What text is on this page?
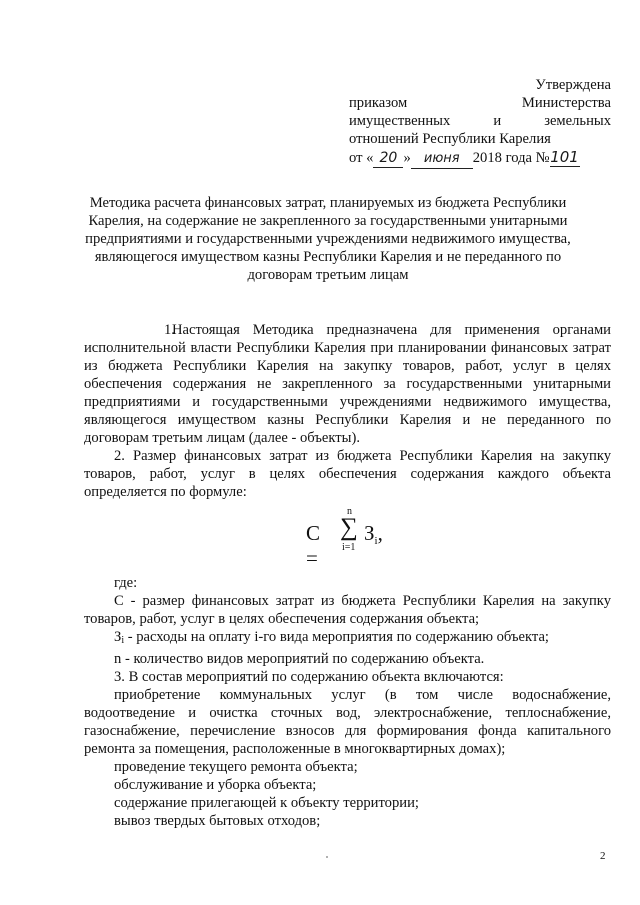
Утверждена
приказом	Министерства
имущественных	и	земельных
отношений Республики Карелия
от « 20 » июня 2018 года №101
Методика расчета финансовых затрат, планируемых из бюджета Республики Карелия, на содержание не закрепленного за государственными унитарными предприятиями и государственными учреждениями недвижимого имущества, являющегося имуществом казны Республики Карелия и не переданного по договорам третьим лицам

1.Настоящая Методика предназначена для применения органами исполнительной власти Республики Карелия при планировании финансовых затрат из бюджета Республики Карелия на закупку товаров, работ, услуг в целях обеспечения содержания не закрепленного за государственными унитарными предприятиями и государственными учреждениями недвижимого имущества, являющегося имуществом казны Республики Карелия и не переданного по договорам третьим лицам (далее - объекты).

2. Размер финансовых затрат из бюджета Республики Карелия на закупку товаров, работ, услуг в целях обеспечения содержания каждого объекта определяется по формуле:

С =
n
∑
i=1
Зi,

где:

С - размер финансовых затрат из бюджета Республики Карелия на закупку товаров, работ, услуг в целях обеспечения содержания объекта;

Зi - расходы на оплату i-го вида мероприятия по содержанию объекта;

n - количество видов мероприятий по содержанию объекта.

3. В состав мероприятий по содержанию объекта включаются:

приобретение коммунальных услуг (в том числе водоснабжение, водоотведение и очистка сточных вод, электроснабжение, теплоснабжение, газоснабжение, перечисление взносов для формирования фонда капитального ремонта за помещения, расположенные в многоквартирных домах);

проведение текущего ремонта объекта;

обслуживание и уборка объекта;

содержание прилегающей к объекту территории;

вывоз твердых бытовых отходов;

2
